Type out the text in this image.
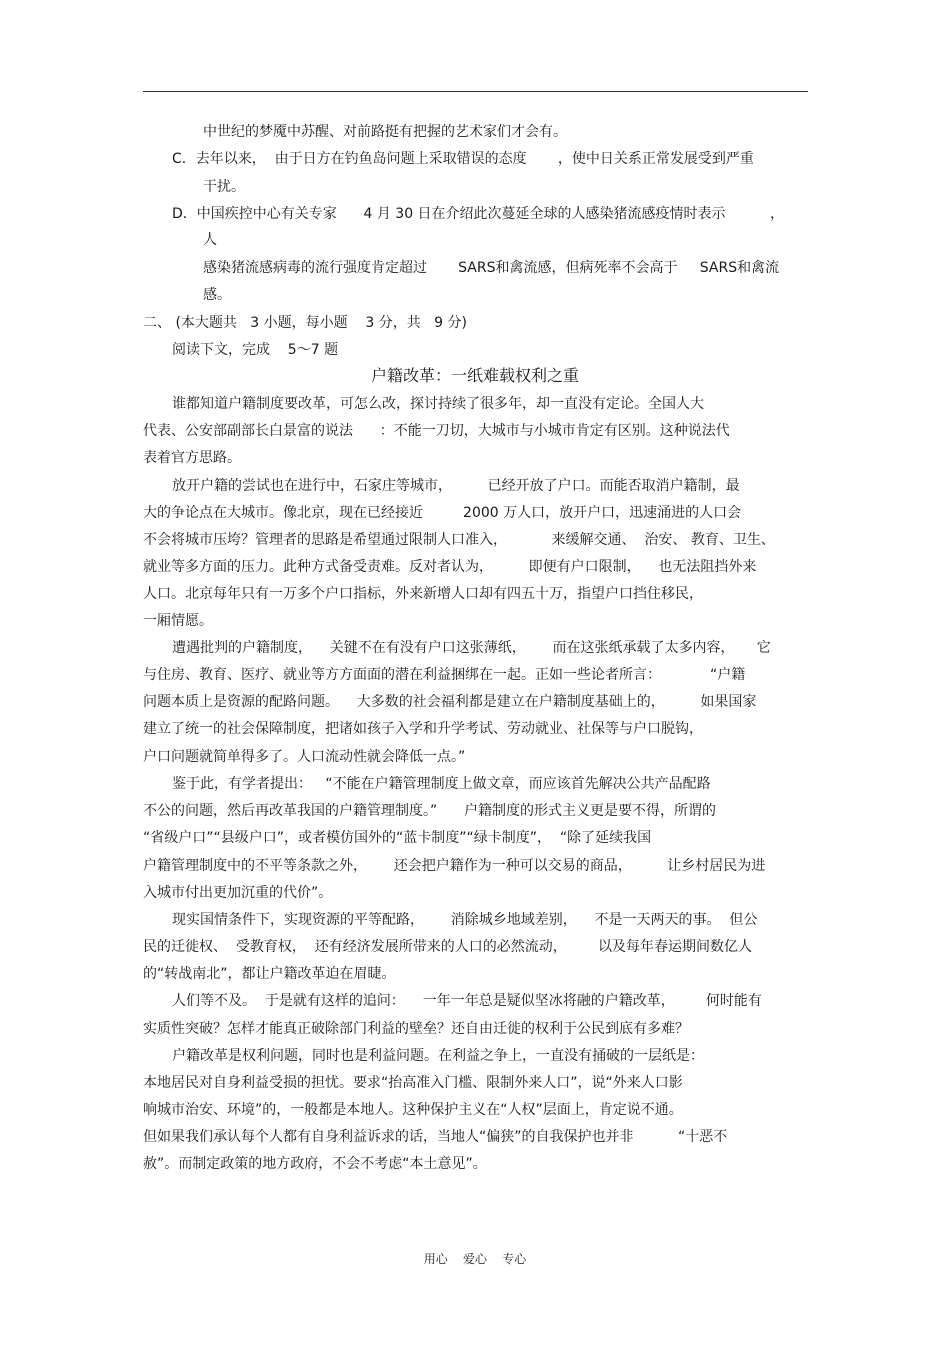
中世纪的梦魇中苏醒、对前路挺有把握的艺术家们才会有。
C．去年以来，  由于日方在钓鱼岛问题上采取错误的态度       ，使中日关系正常发展受到严重
干扰。
D．中国疾控中心有关专家      4 月 30 日在介绍此次蔓延全球的人感染猪流感疫情时表示          ，
人
感染猪流感病毒的流行强度肯定超过       SARS和禽流感，但病死率不会高于     SARS和禽流
感。
二、 (本大题共   3 小题，每小题    3 分，共   9 分)
阅读下文，完成    5～7 题
户籍改革：一纸难载权利之重
谁都知道户籍制度要改革，可怎么改，探讨持续了很多年，却一直没有定论。全国人大
代表、公安部副部长白景富的说法      ：不能一刀切，大城市与小城市肯定有区别。这种说法代
表着官方思路。
放开户籍的尝试也在进行中，石家庄等城市，        已经开放了户口。而能否取消户籍制，最
大的争论点在大城市。像北京，现在已经接近         2000 万人口，放开户口，迅速涌进的人口会
不会将城市压垮？管理者的思路是希望通过限制人口准入，          来缓解交通、  治安、 教育、卫生、
就业等多方面的压力。此种方式备受责难。反对者认为，        即便有户口限制，    也无法阻挡外来
人口。北京每年只有一万多个户口指标，外来新增人口却有四五十万，指望户口挡住移民，
一厢情愿。
遭遇批判的户籍制度，    关键不在有没有户口这张薄纸，      而在这张纸承载了太多内容，     它
与住房、教育、医疗、就业等方方面面的潜在利益捆绑在一起。正如一些论者所言：           “户籍
问题本质上是资源的配路问题。    大多数的社会福利都是建立在户籍制度基础上的，        如果国家
建立了统一的社会保障制度，把诸如孩子入学和升学考试、劳动就业、社保等与户口脱钩，
户口问题就简单得多了。人口流动性就会降低一点。”
鉴于此，有学者提出：   “不能在户籍管理制度上做文章，而应该首先解决公共产品配路
不公的问题，然后再改革我国的户籍管理制度。”      户籍制度的形式主义更是要不得，所谓的
“省级户口”“县级户口”，或者模仿国外的“蓝卡制度”“绿卡制度”，  “除了延续我国
户籍管理制度中的不平等条款之外，      还会把户籍作为一种可以交易的商品，        让乡村居民为进
入城市付出更加沉重的代价”。
现实国情条件下，实现资源的平等配路，      消除城乡地域差别，    不是一天两天的事。  但公
民的迁徙权、  受教育权，  还有经济发展所带来的人口的必然流动，       以及每年春运期间数亿人
的“转战南北”，都让户籍改革迫在眉睫。
人们等不及。  于是就有这样的追问：    一年一年总是疑似坚冰将融的户籍改革，       何时能有
实质性突破？怎样才能真正破除部门利益的壁垒？还自由迁徙的权利于公民到底有多难？
户籍改革是权利问题，同时也是利益问题。在利益之争上，一直没有捅破的一层纸是：
本地居民对自身利益受损的担忧。要求“抬高准入门槛、限制外来人口”，说“外来人口影
响城市治安、环境”的，一般都是本地人。这种保护主义在“人权”层面上，肯定说不通。
但如果我们承认每个人都有自身利益诉求的话，当地人“偏狭”的自我保护也并非          “十恶不
赦”。而制定政策的地方政府，不会不考虑“本土意见”。
用心    爱心    专心
